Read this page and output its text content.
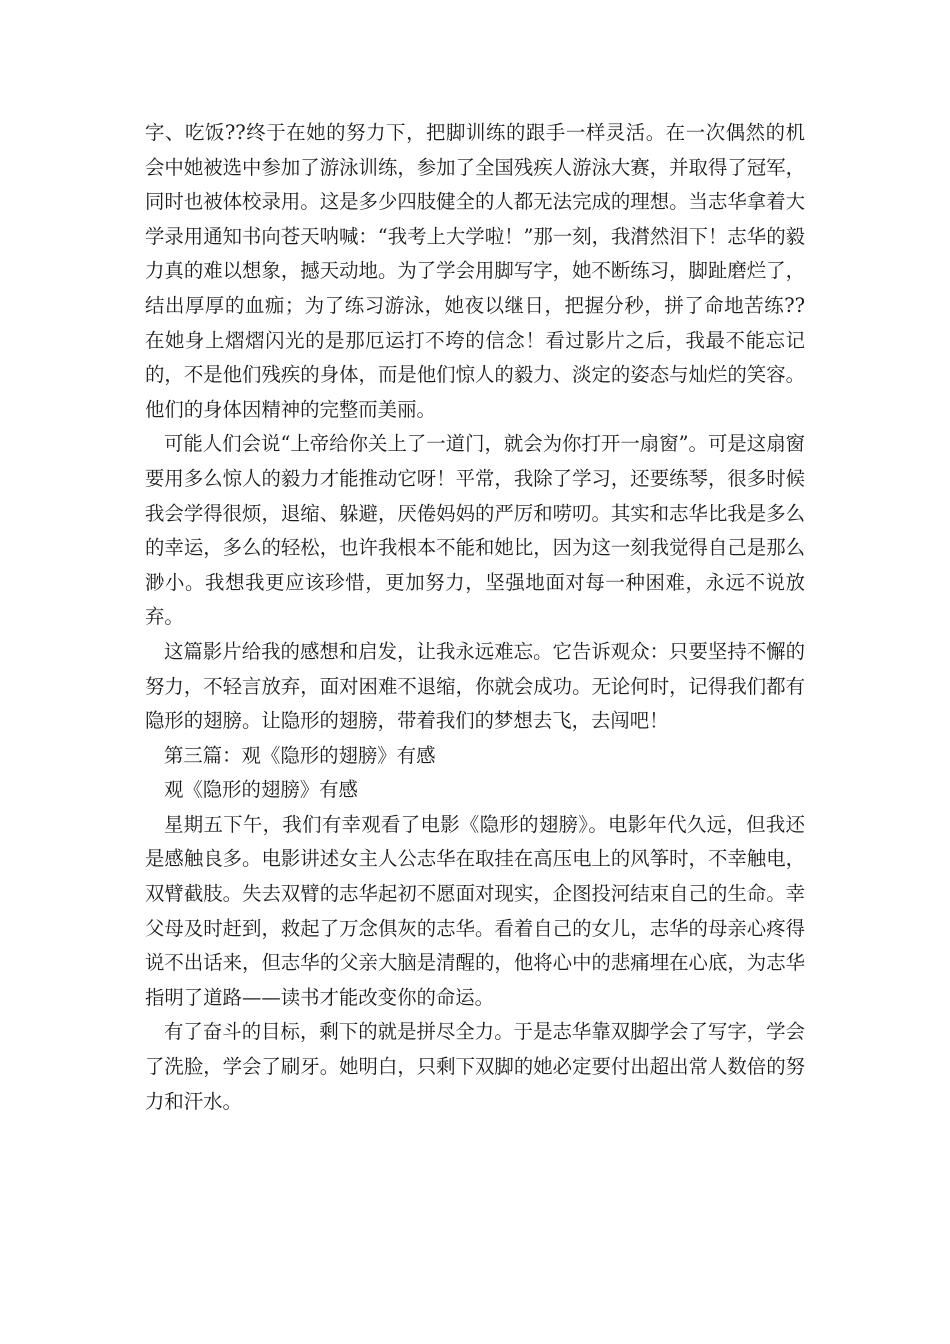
字、吃饭??终于在她的努力下，把脚训练的跟手一样灵活。在一次偶然的机会中她被选中参加了游泳训练，参加了全国残疾人游泳大赛，并取得了冠军，同时也被体校录用。这是多少四肢健全的人都无法完成的理想。当志华拿着大学录用通知书向苍天呐喊：“我考上大学啦！”那一刻，我潸然泪下！志华的毅力真的难以想象，撼天动地。为了学会用脚写字，她不断练习，脚趾磨烂了，结出厚厚的血痂；为了练习游泳，她夜以继日，把握分秒，拼了命地苦练??在她身上熠熠闪光的是那厄运打不垮的信念！看过影片之后，我最不能忘记的，不是他们残疾的身体，而是他们惊人的毅力、淡定的姿态与灿烂的笑容。他们的身体因精神的完整而美丽。

可能人们会说“上帝给你关上了一道门，就会为你打开一扇窗”。可是这扇窗要用多么惊人的毅力才能推动它呀！平常，我除了学习，还要练琴，很多时候我会学得很烦，退缩、躲避，厌倦妈妈的严厉和唠叨。其实和志华比我是多么的幸运，多么的轻松，也许我根本不能和她比，因为这一刻我觉得自己是那么渺小。我想我更应该珍惜，更加努力，坚强地面对每一种困难，永远不说放弃。

这篇影片给我的感想和启发，让我永远难忘。它告诉观众：只要坚持不懈的努力，不轻言放弃，面对困难不退缩，你就会成功。无论何时，记得我们都有隐形的翅膀。让隐形的翅膀，带着我们的梦想去飞，去闯吧！

第三篇：观《隐形的翅膀》有感
观《隐形的翅膀》有感

星期五下午，我们有幸观看了电影《隐形的翅膀》。电影年代久远，但我还是感触良多。电影讲述女主人公志华在取挂在高压电上的风筝时，不幸触电，双臂截肢。失去双臂的志华起初不愿面对现实，企图投河结束自己的生命。幸父母及时赶到，救起了万念俱灰的志华。看着自己的女儿，志华的母亲心疼得说不出话来，但志华的父亲大脑是清醒的，他将心中的悲痛埋在心底，为志华指明了道路——读书才能改变你的命运。

有了奋斗的目标，剩下的就是拼尽全力。于是志华靠双脚学会了写字，学会了洗脸，学会了刷牙。她明白，只剩下双脚的她必定要付出超出常人数倍的努力和汗水。
